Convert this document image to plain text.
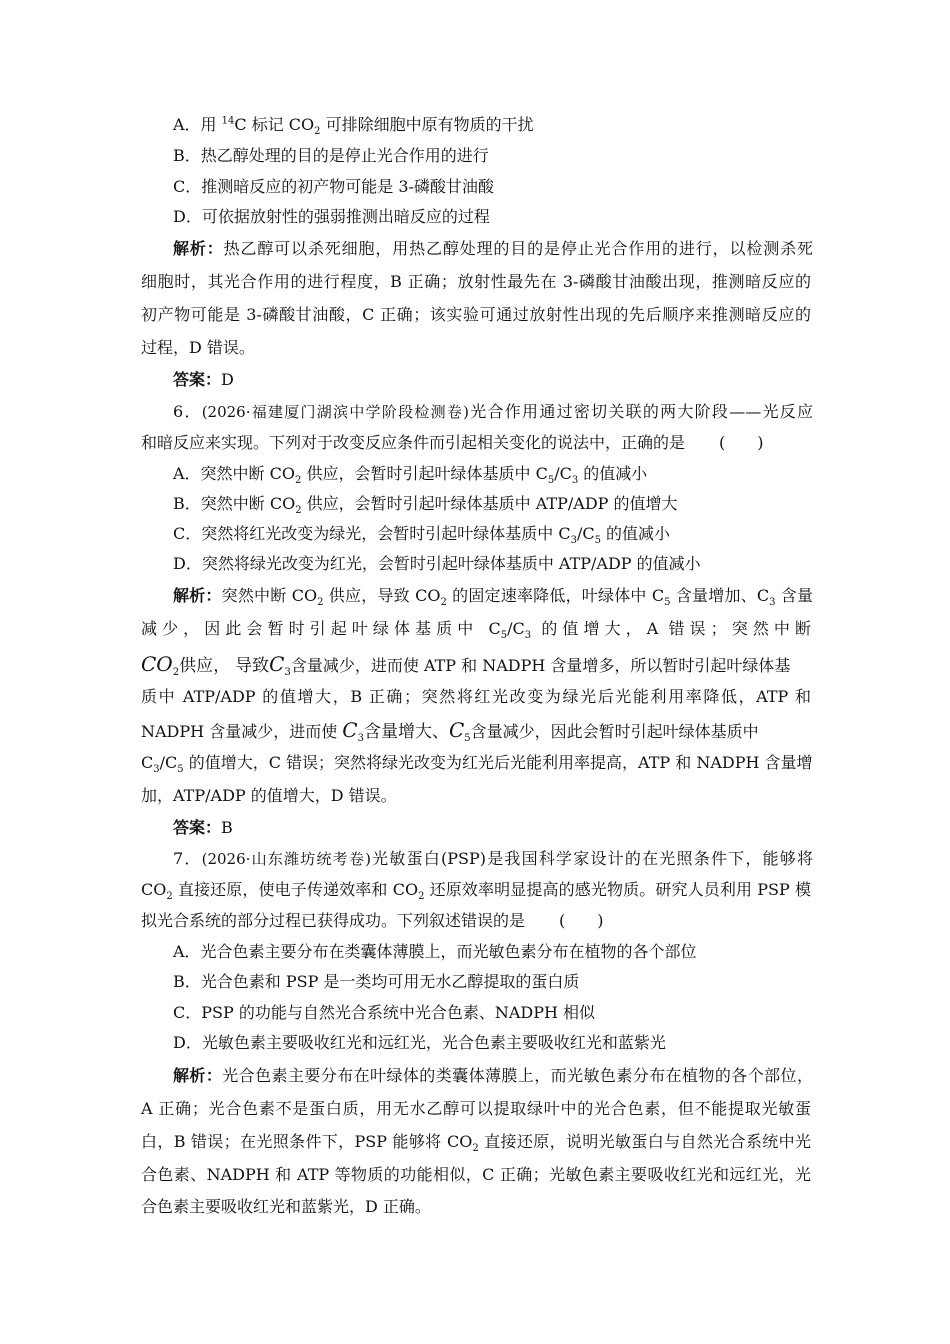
A．用 $^{14}$C 标记 $CO_2$ 可排除细胞中原有物质的干扰
B．热乙醇处理的目的是停止光合作用的进行
C．推测暗反应的初产物可能是 3-磷酸甘油酸
D．可依据放射性的强弱推测出暗反应的过程
解析：热乙醇可以杀死细胞，用热乙醇处理的目的是停止光合作用的进行，以检测杀死
细胞时，其光合作用的进行程度，B 正确；放射性最先在 3-磷酸甘油酸出现，推测暗反应的
初产物可能是 3-磷酸甘油酸，C 正确；该实验可通过放射性出现的先后顺序来推测暗反应的
过程，D 错误。
答案：D
6．(2026·福建厦门湖滨中学阶段检测卷)光合作用通过密切关联的两大阶段——光反应
和暗反应来实现。下列对于改变反应条件而引起相关变化的说法中，正确的是 (　　)
A．突然中断 $CO_2$ 供应，会暂时引起叶绿体基质中 $C_5/C_3$ 的值减小
B．突然中断 $CO_2$ 供应，会暂时引起叶绿体基质中 ATP/ADP 的值增大
C．突然将红光改变为绿光，会暂时引起叶绿体基质中 $C_3/C_5$ 的值减小
D．突然将绿光改变为红光，会暂时引起叶绿体基质中 ATP/ADP 的值减小
解析：突然中断 $CO_2$ 供应，导致 $CO_2$ 的固定速率降低，叶绿体中 $C_5$ 含量增加、$C_3$ 含量
减少，因此会暂时引起叶绿体基质中 $C_5/C_3$ 的值增大，A 错误；突然中断
$CO_2$供应， 导致$C_3$含量减少，进而使 ATP 和 NADPH 含量增多，所以暂时引起叶绿体基
质中 ATP/ADP 的值增大，B 正确；突然将红光改变为绿光后光能利用率降低，ATP 和
NADPH 含量减少，进而使 $C_3$含量增大、$C_5$含量减少，因此会暂时引起叶绿体基质中
$C_3/C_5$ 的值增大，C 错误；突然将绿光改变为红光后光能利用率提高，ATP 和 NADPH 含量增
加，ATP/ADP 的值增大，D 错误。
答案：B
7．(2026·山东潍坊统考卷)光敏蛋白(PSP)是我国科学家设计的在光照条件下，能够将
$CO_2$ 直接还原，使电子传递效率和 $CO_2$ 还原效率明显提高的感光物质。研究人员利用 PSP 模
拟光合系统的部分过程已获得成功。下列叙述错误的是 (　　)
A．光合色素主要分布在类囊体薄膜上，而光敏色素分布在植物的各个部位
B．光合色素和 PSP 是一类均可用无水乙醇提取的蛋白质
C．PSP 的功能与自然光合系统中光合色素、NADPH 相似
D．光敏色素主要吸收红光和远红光，光合色素主要吸收红光和蓝紫光
解析：光合色素主要分布在叶绿体的类囊体薄膜上，而光敏色素分布在植物的各个部位，
A 正确；光合色素不是蛋白质，用无水乙醇可以提取绿叶中的光合色素，但不能提取光敏蛋
白，B 错误；在光照条件下，PSP 能够将 $CO_2$ 直接还原，说明光敏蛋白与自然光合系统中光
合色素、NADPH 和 ATP 等物质的功能相似，C 正确；光敏色素主要吸收红光和远红光，光
合色素主要吸收红光和蓝紫光，D 正确。
